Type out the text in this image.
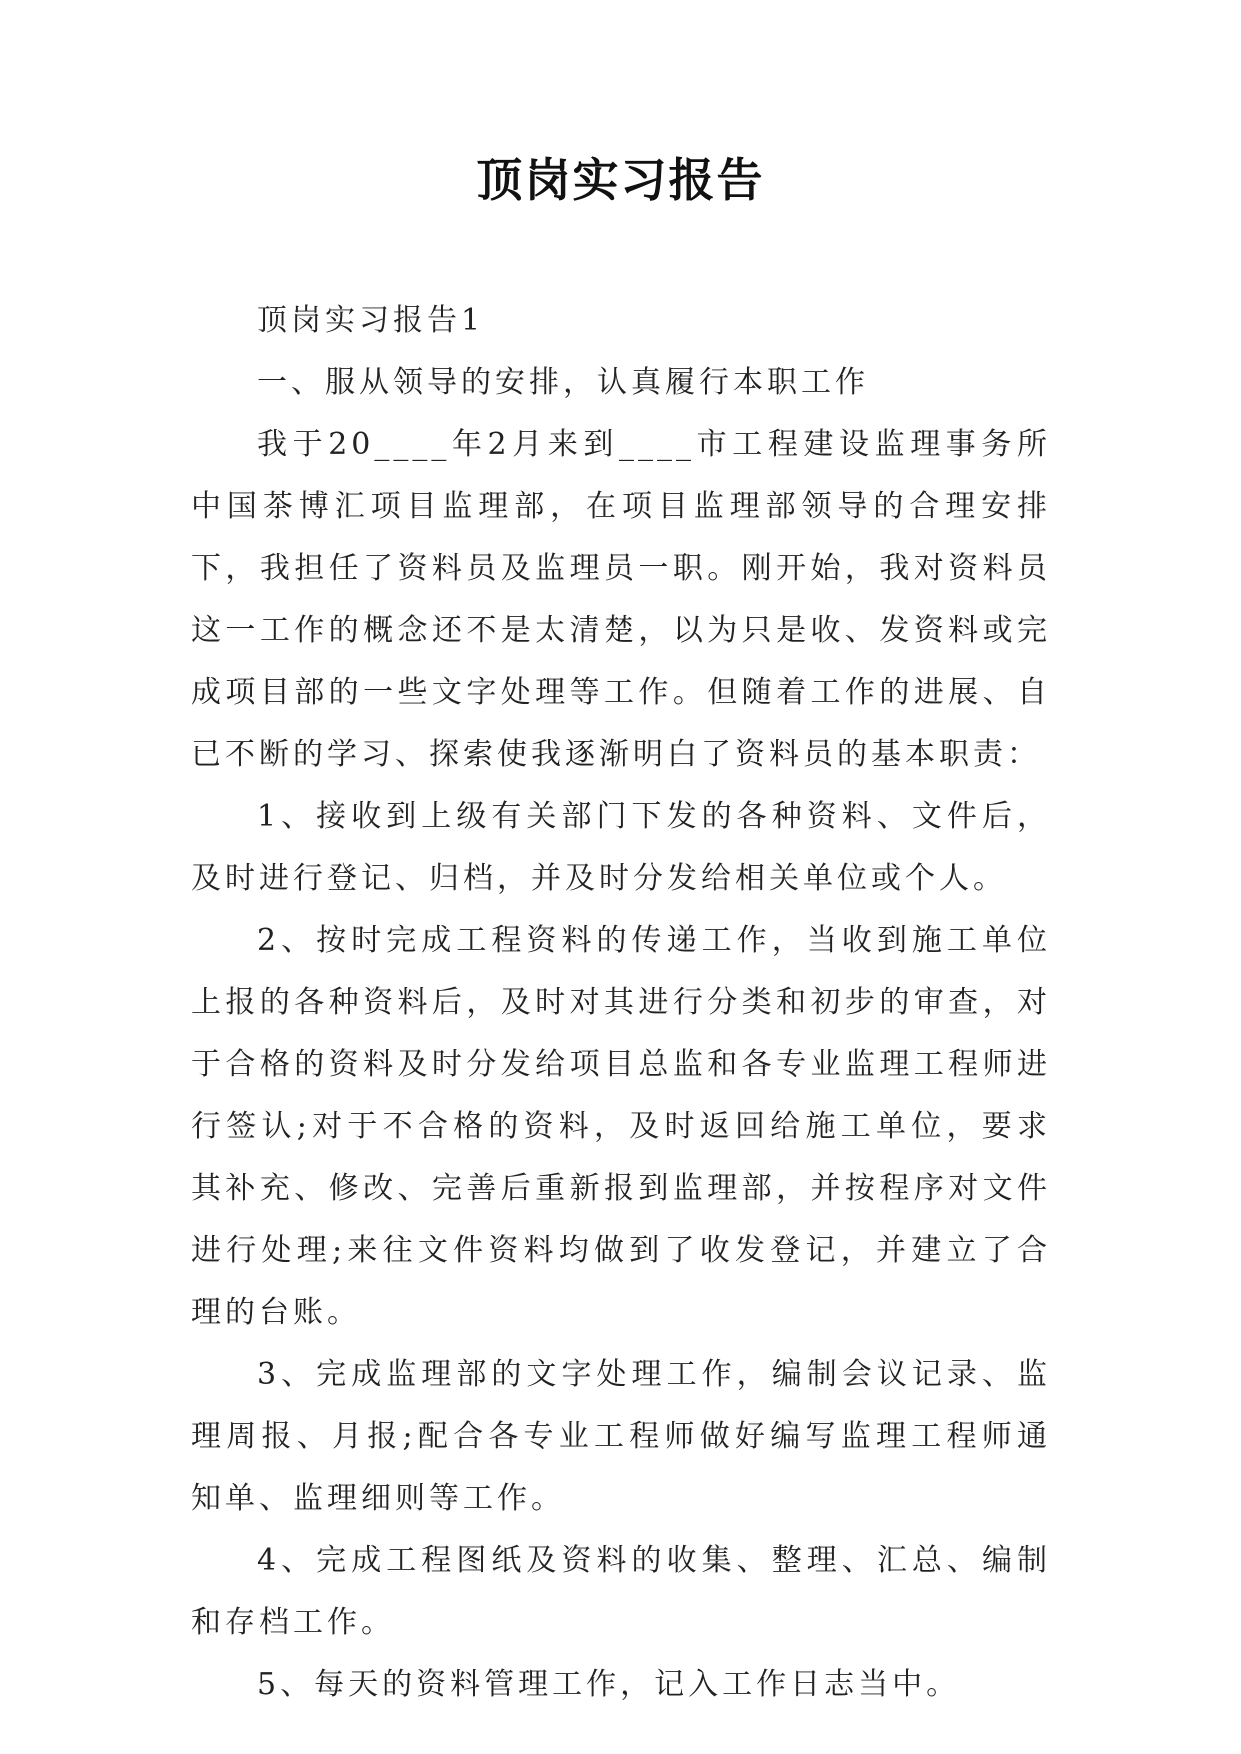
顶岗实习报告

顶岗实习报告1

一、服从领导的安排，认真履行本职工作

我于20____年2月来到____市工程建设监理事务所中国茶博汇项目监理部，在项目监理部领导的合理安排下，我担任了资料员及监理员一职。刚开始，我对资料员这一工作的概念还不是太清楚，以为只是收、发资料或完成项目部的一些文字处理等工作。但随着工作的进展、自已不断的学习、探索使我逐渐明白了资料员的基本职责：

1、接收到上级有关部门下发的各种资料、文件后，及时进行登记、归档，并及时分发给相关单位或个人。

2、按时完成工程资料的传递工作，当收到施工单位上报的各种资料后，及时对其进行分类和初步的审查，对于合格的资料及时分发给项目总监和各专业监理工程师进行签认;对于不合格的资料，及时返回给施工单位，要求其补充、修改、完善后重新报到监理部，并按程序对文件进行处理;来往文件资料均做到了收发登记，并建立了合理的台账。

3、完成监理部的文字处理工作，编制会议记录、监理周报、月报;配合各专业工程师做好编写监理工程师通知单、监理细则等工作。

4、完成工程图纸及资料的收集、整理、汇总、编制和存档工作。

5、每天的资料管理工作，记入工作日志当中。
